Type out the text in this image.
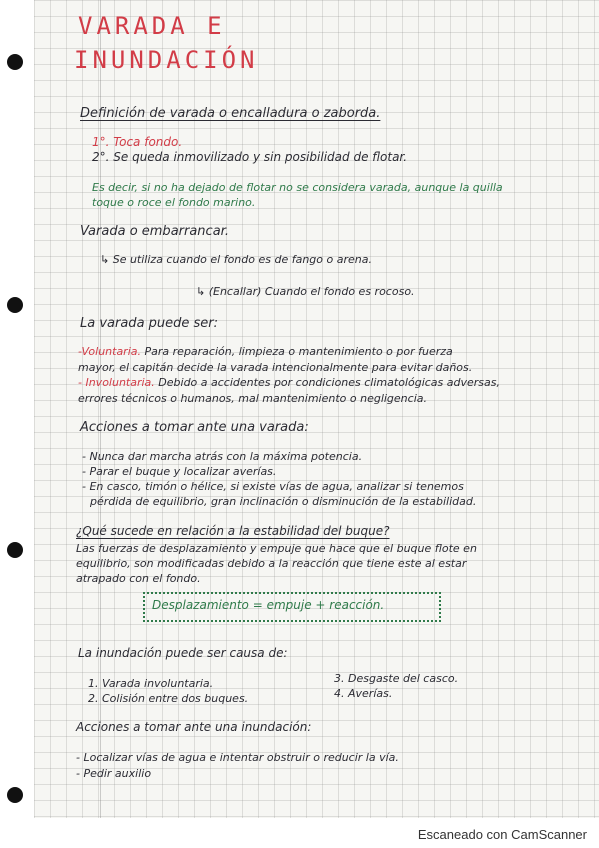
VARADA E
INUNDACIÓN
Definición de varada o encalladura o zaborda.
1°. Toca fondo.
2°. Se queda inmovilizado y sin posibilidad de flotar.
Es decir, si no ha dejado de flotar no se considera varada, aunque la quilla
toque o roce el fondo marino.
Varada o embarrancar.
↳ Se utiliza cuando el fondo es de fango o arena.
↳ (Encallar) Cuando el fondo es rocoso.
La varada puede ser:
-Voluntaria. Para reparación, limpieza o mantenimiento o por fuerza
mayor, el capitán decide la varada intencionalmente para evitar daños.
- Involuntaria. Debido a accidentes por condiciones climatológicas adversas,
errores técnicos o humanos, mal mantenimiento o negligencia.
Acciones a tomar ante una varada:
- Nunca dar marcha atrás con la máxima potencia.
- Parar el buque y localizar averías.
- En casco, timón o hélice, si existe vías de agua, analizar si tenemos
pérdida de equilibrio, gran inclinación o disminución de la estabilidad.
¿Qué sucede en relación a la estabilidad del buque?
Las fuerzas de desplazamiento y empuje que hace que el buque flote en
equilibrio, son modificadas debido a la reacción que tiene este al estar
atrapado con el fondo.
Desplazamiento = empuje + reacción.
La inundación puede ser causa de:
1. Varada involuntaria.
2. Colisión entre dos buques.
3. Desgaste del casco.
4. Averías.
Acciones a tomar ante una inundación:
- Localizar vías de agua e intentar obstruir o reducir la vía.
- Pedir auxilio
Escaneado con CamScanner
